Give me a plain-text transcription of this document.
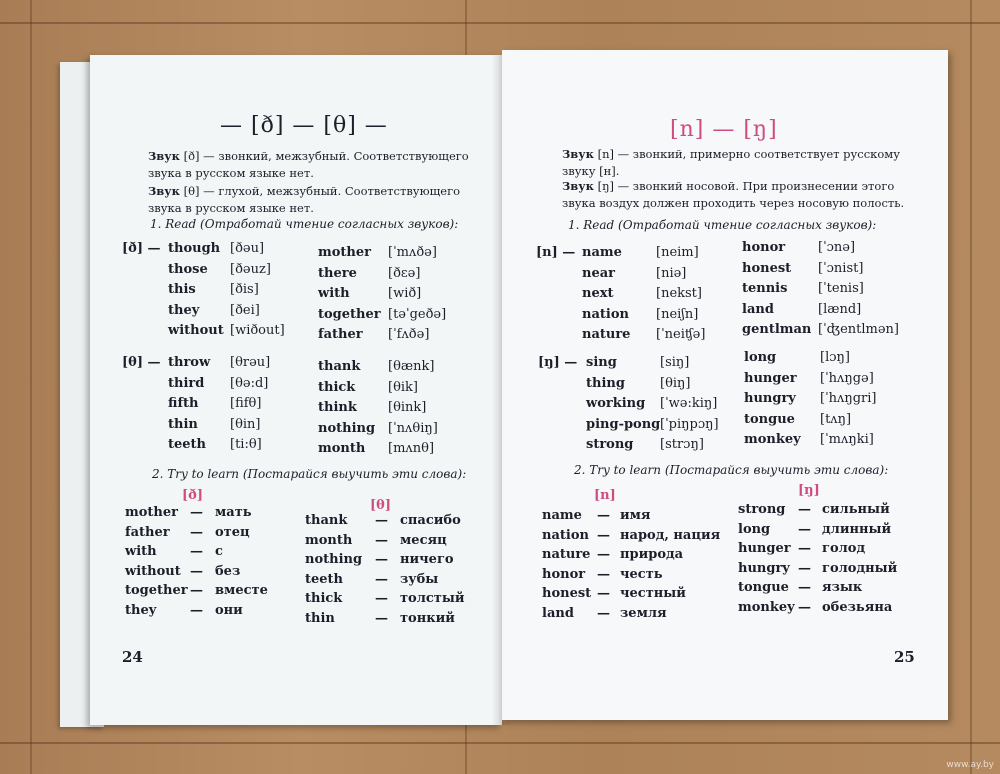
— [ð] — [θ] —
Звук [ð] — звонкий, межзубный. Соответствующего звука в русском языке нет.
Звук [θ] — глухой, межзубный. Соответствующего звука в русском языке нет.
1. Read (Отработай чтение согласных звуков):
[ð] — though [ðəu]
those [ðəuz]
this	[ðis]
they [ðei]
without [wiðout]
mother [ˈmʌðə]
there [ðɛə]
with	[wið]
together [təˈgeðə]
father [ˈfʌðə]
[θ] — throw [θrəu]
third [θə:d]
fifth [fifθ]
thin [θin]
teeth [ti:θ]
thank [θænk]
thick	[θik]
think [θink]
nothing [ˈnʌθiŋ]
month [mʌnθ]
2. Try to learn (Постарайся выучить эти слова):
[ð]
mother — мать
father — отец
with	— с
without — без
together — вместе
they	— они
[θ]
thank — спасибо
month — месяц
nothing — ничего
teeth — зубы
thick	— толстый
thin	— тонкий
24
[n] — [ŋ]
Звук [n] — звонкий, примерно соответствует русскому звуку [н].
Звук [ŋ] — звонкий носовой. При произнесении этого звука воздух должен проходить через носовую полость.
1. Read (Отработай чтение согласных звуков):
[n] — name	[neim]
near	[niə]
next	[nekst]
nation [neiʃn]
nature [ˈneiʧə]
honor	[ˈɔnə]
honest [ˈɔnist]
tennis [ˈtenis]
land	[lænd]
gentlman [ˈʤentlmən]
[ŋ] — sing	[siŋ]
thing	[θiŋ]
working [ˈwə:kiŋ]
ping-pong [ˈpiŋpɔŋ]
strong [strɔŋ]
long	[lɔŋ]
hunger [ˈhʌŋgə]
hungry [ˈhʌŋgri]
tongue [tʌŋ]
monkey [ˈmʌŋki]
2. Try to learn (Постарайся выучить эти слова):
[n]
name — имя
nation — народ, нация
nature — природа
honor — честь
honest — честный
land — земля
[ŋ]
strong — сильный
long — длинный
hunger — голод
hungry — голодный
tongue — язык
monkey — обезьяна
25
www.ay.by
